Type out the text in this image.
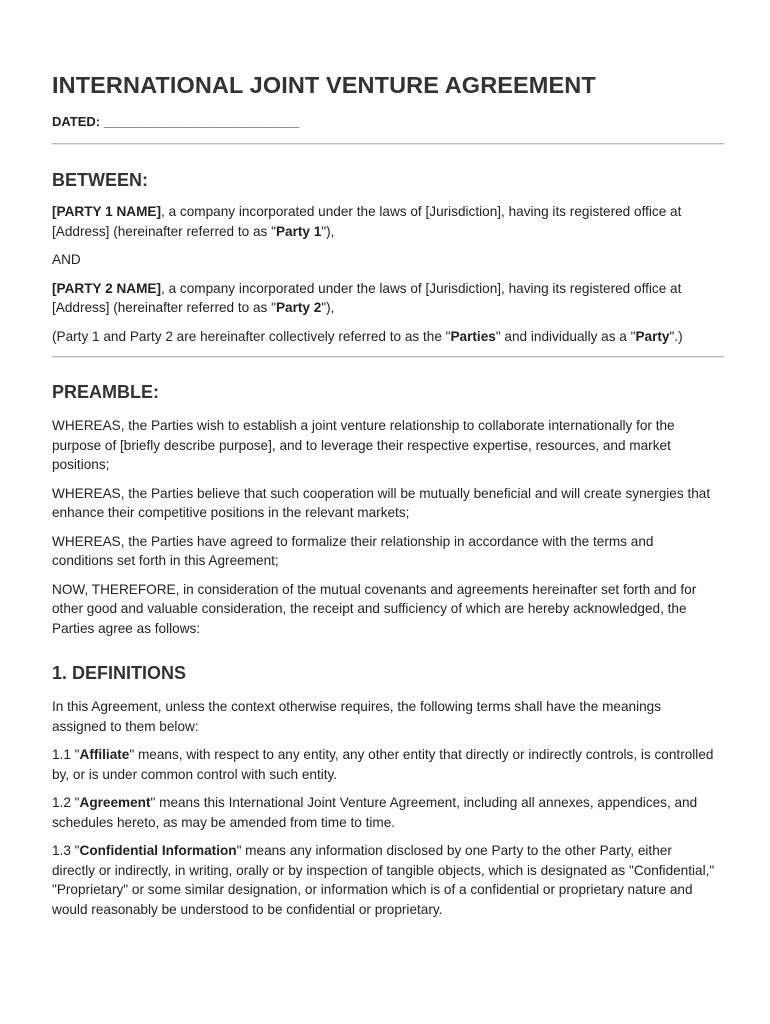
INTERNATIONAL JOINT VENTURE AGREEMENT
DATED: ___________________________
BETWEEN:

[PARTY 1 NAME], a company incorporated under the laws of [Jurisdiction], having its registered office at [Address] (hereinafter referred to as "Party 1"),

AND

[PARTY 2 NAME], a company incorporated under the laws of [Jurisdiction], having its registered office at [Address] (hereinafter referred to as "Party 2"),

(Party 1 and Party 2 are hereinafter collectively referred to as the "Parties" and individually as a "Party".)

PREAMBLE:

WHEREAS, the Parties wish to establish a joint venture relationship to collaborate internationally for the purpose of [briefly describe purpose], and to leverage their respective expertise, resources, and market positions;

WHEREAS, the Parties believe that such cooperation will be mutually beneficial and will create synergies that enhance their competitive positions in the relevant markets;

WHEREAS, the Parties have agreed to formalize their relationship in accordance with the terms and conditions set forth in this Agreement;

NOW, THEREFORE, in consideration of the mutual covenants and agreements hereinafter set forth and for other good and valuable consideration, the receipt and sufficiency of which are hereby acknowledged, the Parties agree as follows:

1. DEFINITIONS

In this Agreement, unless the context otherwise requires, the following terms shall have the meanings assigned to them below:

1.1 "Affiliate" means, with respect to any entity, any other entity that directly or indirectly controls, is controlled by, or is under common control with such entity.

1.2 "Agreement" means this International Joint Venture Agreement, including all annexes, appendices, and schedules hereto, as may be amended from time to time.

1.3 "Confidential Information" means any information disclosed by one Party to the other Party, either directly or indirectly, in writing, orally or by inspection of tangible objects, which is designated as "Confidential," "Proprietary" or some similar designation, or information which is of a confidential or proprietary nature and would reasonably be understood to be confidential or proprietary.
